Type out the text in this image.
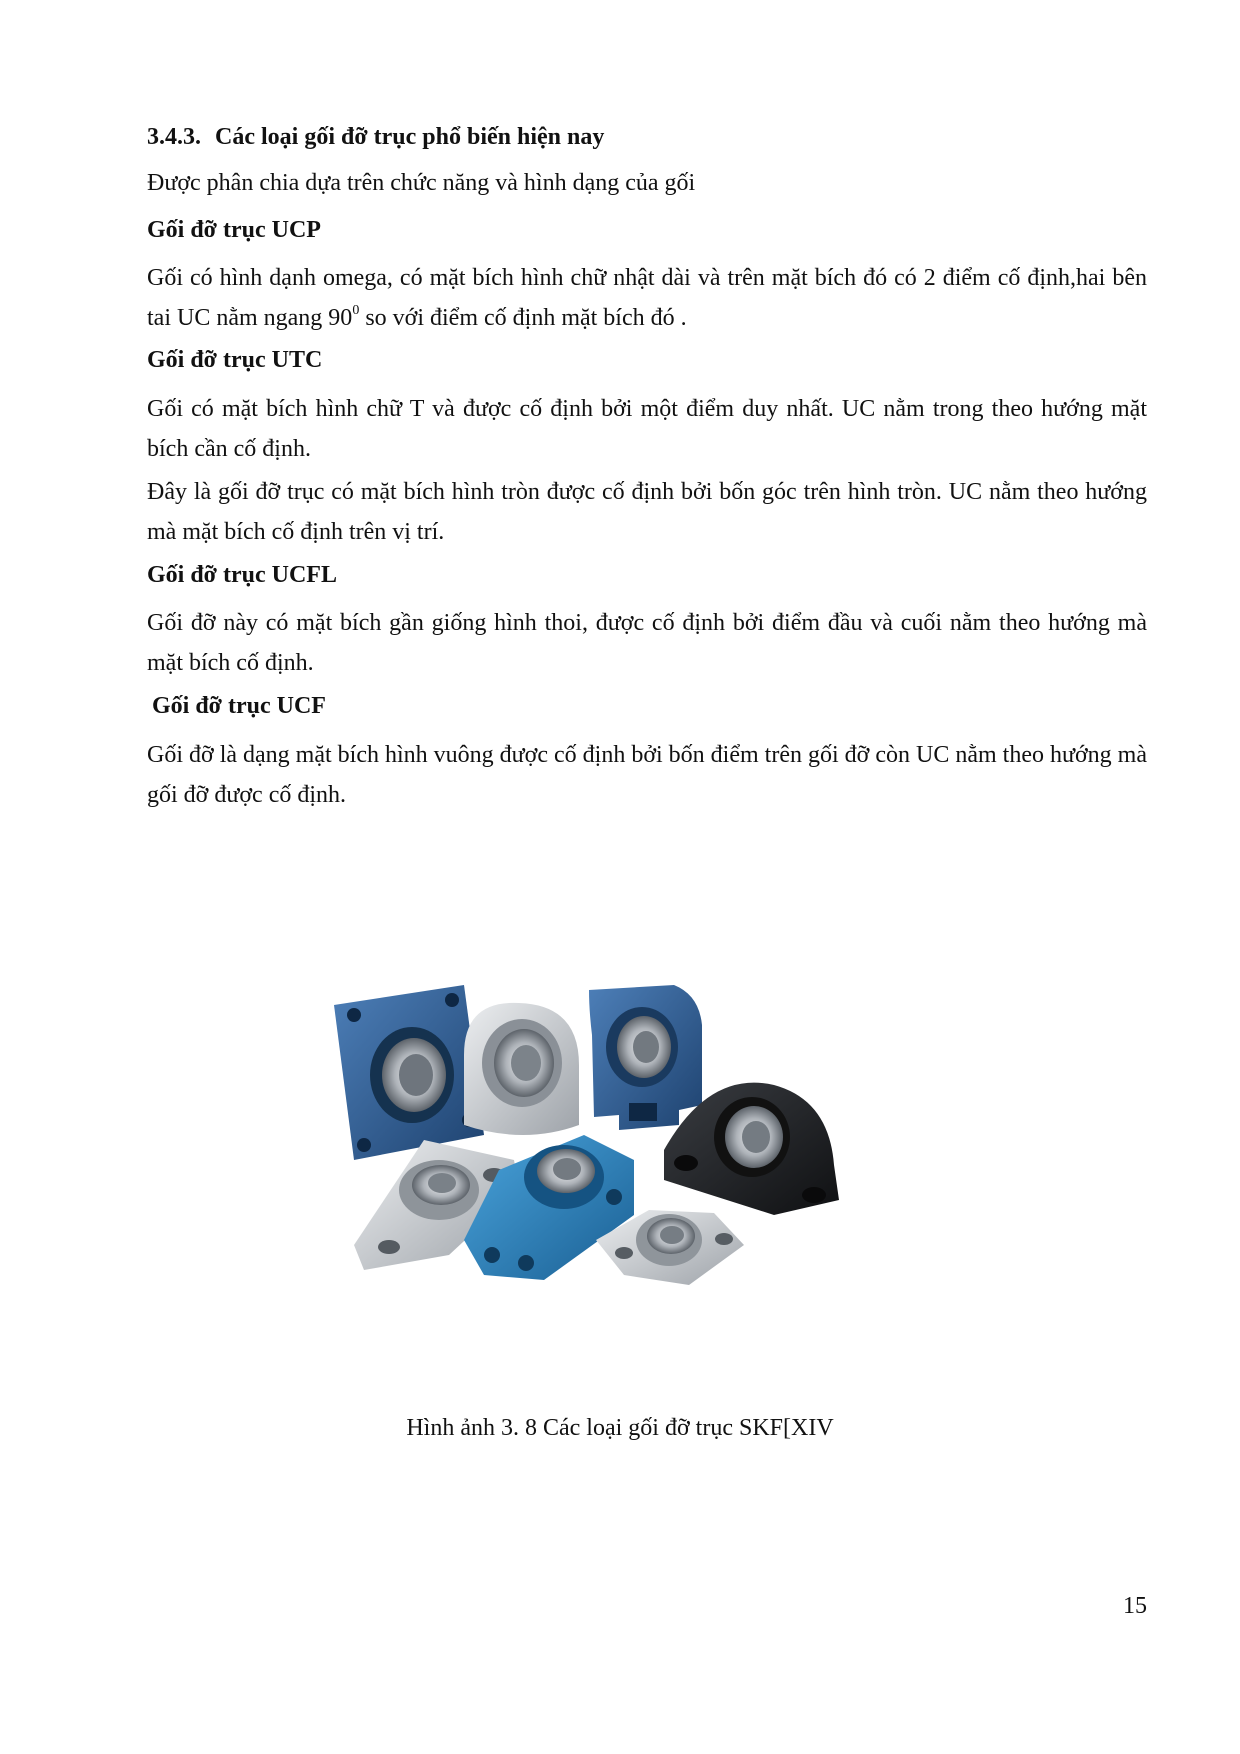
3.4.3. Các loại gối đỡ trục phổ biến hiện nay
Được phân chia dựa trên chức năng và hình dạng của gối
Gối đỡ trục UCP
Gối có hình dạnh omega, có mặt bích hình chữ nhật dài và trên mặt bích đó có 2 điểm cố định,hai bên tai UC nằm ngang $90^0$ so với điểm cố định mặt bích đó .
Gối đỡ trục UTC
Gối có mặt bích hình chữ T và được cố định bởi một điểm duy nhất. UC nằm trong theo hướng mặt bích cần cố định.
Đây là gối đỡ trục có mặt bích hình tròn được cố định bởi bốn góc trên hình tròn. UC nằm theo hướng mà mặt bích cố định trên vị trí.
Gối đỡ trục UCFL
Gối đỡ này có mặt bích gần giống hình thoi, được cố định bởi điểm đầu và cuối nằm theo hướng mà mặt bích cố định.
Gối đỡ trục UCF
Gối đỡ là dạng mặt bích hình vuông được cố định bởi bốn điểm trên gối đỡ còn UC nằm theo hướng mà gối đỡ được cố định.
Hình ảnh 3. 8 Các loại gối đỡ trục SKF[XIV
15
